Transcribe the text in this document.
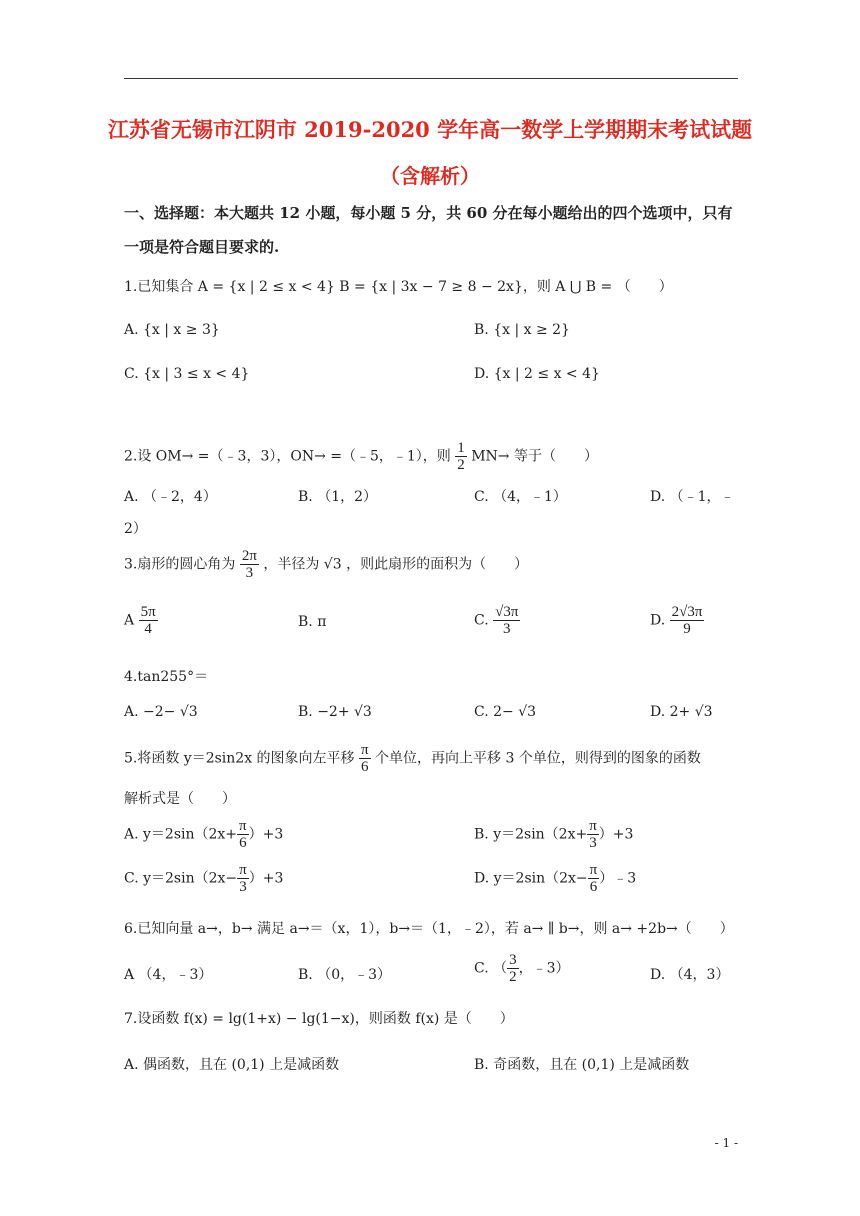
江苏省无锡市江阴市 2019-2020 学年高一数学上学期期末考试试题
（含解析）
一、选择题：本大题共 12 小题，每小题 5 分，共 60 分在每小题给出的四个选项中，只有一项是符合题目要求的.
1.已知集合 A = {x | 2 ≤ x < 4} B = {x | 3x − 7 ≥ 8 − 2x}，则 A ⋃ B = （　　）
A. {x | x ≥ 3}	B. {x | x ≥ 2}
C. {x | 3 ≤ x < 4}	D. {x | 2 ≤ x < 4}
2.设 OM→ =（﹣3，3），ON→ =（﹣5，﹣1），则 $\frac{1}{2} MN\to$ 等于（　　）
A. （﹣2，4）	B. （1，2）	C. （4，﹣1）	D. （﹣1，﹣
2）
3.扇形的圆心角为 $\frac{2\pi}{3}$ ，半径为 √3 ，则此扇形的面积为（　　）
A $\frac{5\pi}{4}$	B. π	C. $\frac{√3\pi}{3}$	D. $\frac{2√3\pi}{9}$
4.tan255°＝
A. −2− √3	B. −2+ √3	C. 2− √3	D. 2+ √3
5.将函数 y＝2sin2x 的图象向左平移 $\frac{\pi}{6}$ 个单位，再向上平移 3 个单位，则得到的图象的函数
解析式是（　　）
A. $y=2\sin(2x+ \frac{\pi}{6} )+3$	B. $y=2\sin(2x+ \frac{\pi}{3} )+3$
C. $y=2\sin(2x- \frac{\pi}{3} )+3$	D. $y=2\sin(2x- \frac{\pi}{6}$ ）﹣3
6.已知向量 a→，b→ 满足 a→＝（x，1），b→＝（1，﹣2），若 a→ ∥ b→，则 a→ +2b→（　　）
A （4，﹣3）	B. （0，﹣3）	C. （ $\frac{3}{2}$ ，﹣3）	D. （4，3）
7.设函数 f(x) = lg(1+x) − lg(1−x)，则函数 f(x) 是（　　）
A. 偶函数，且在 (0,1) 上是减函数	B. 奇函数，且在 (0,1) 上是减函数
- 1 -
